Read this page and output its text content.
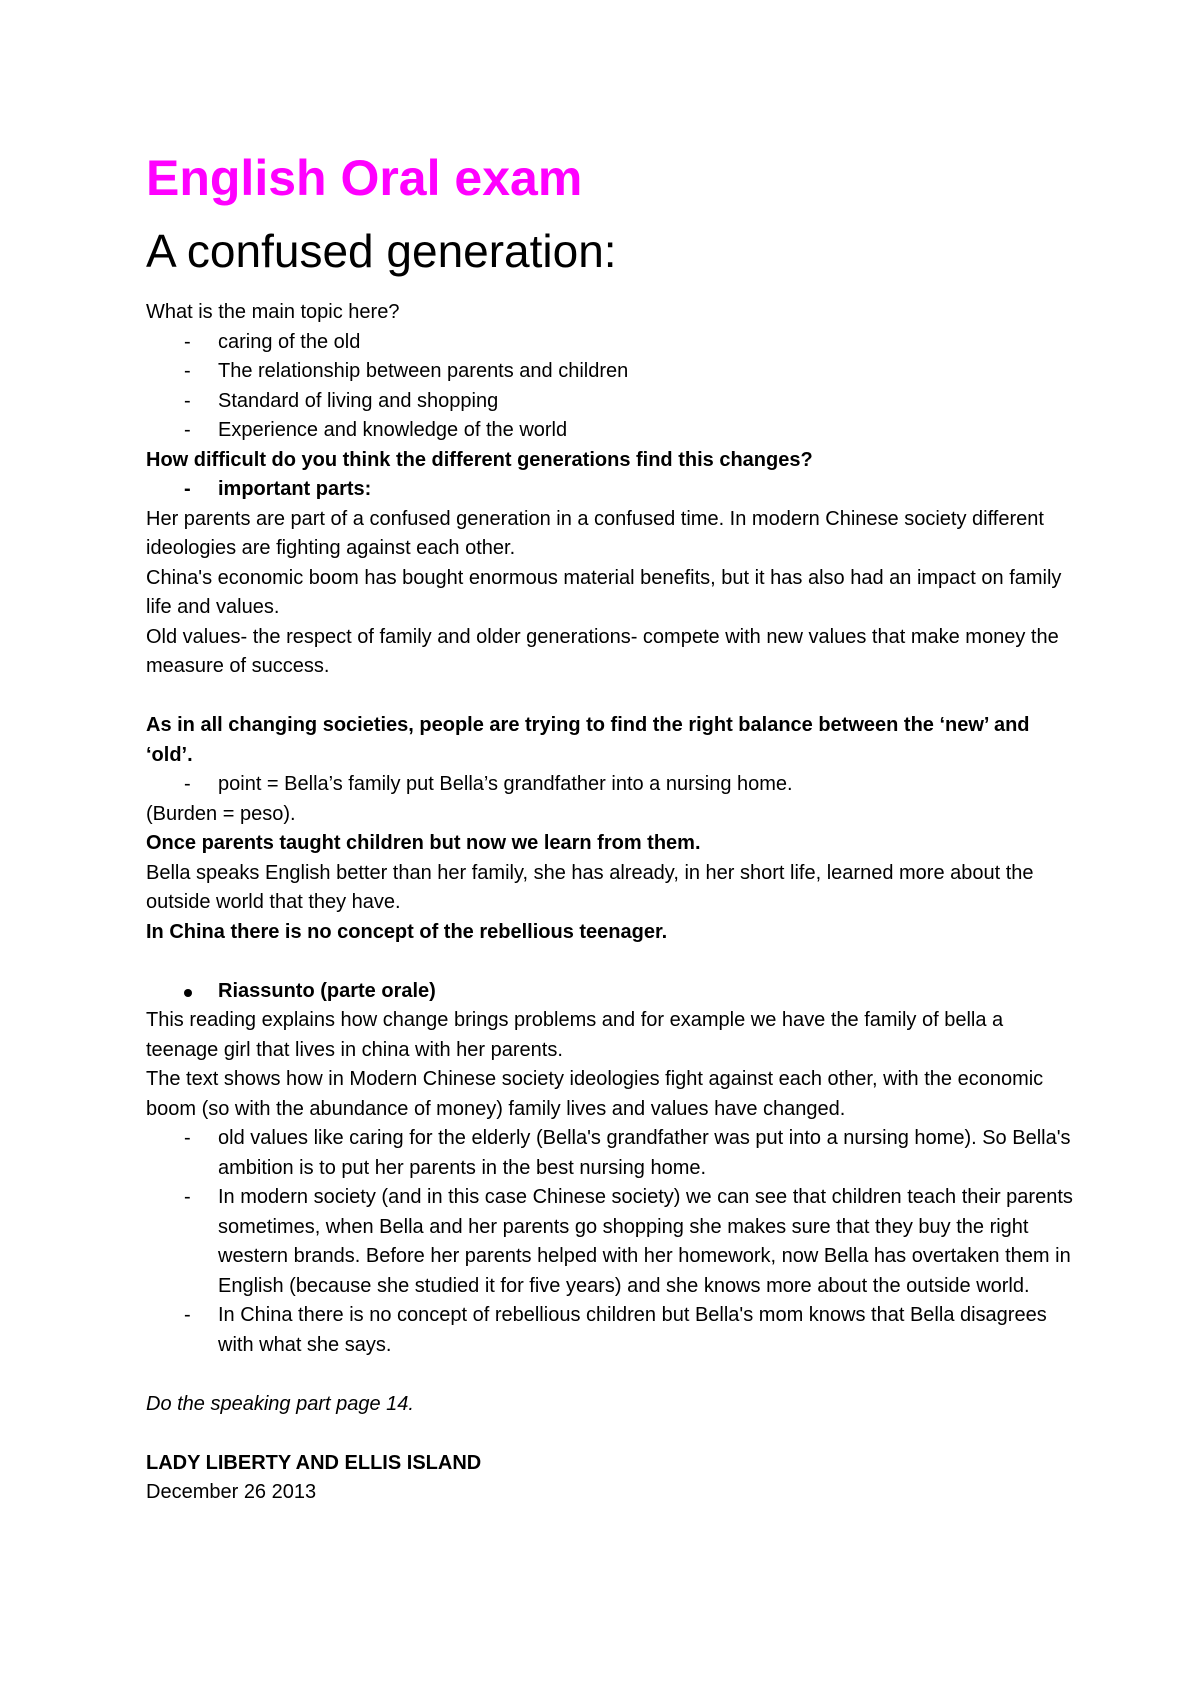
English Oral exam
A confused generation:

What is the main topic here?

- caring of the old
- The relationship between parents and children
- Standard of living and shopping
- Experience and knowledge of the world

How difficult do you think the different generations find this changes?

- important parts:

Her parents are part of a confused generation in a confused time. In modern Chinese society different ideologies are fighting against each other.

China's economic boom has bought enormous material benefits, but it has also had an impact on family life and values.

Old values- the respect of family and older generations- compete with new values that make money the measure of success.

As in all changing societies, people are trying to find the right balance between the ‘new’ and ‘old’.

- point = Bella’s family put Bella’s grandfather into a nursing home.

(Burden = peso).

Once parents taught children but now we learn from them.

Bella speaks English better than her family, she has already, in her short life, learned more about the outside world that they have.

In China there is no concept of the rebellious teenager.

Riassunto (parte orale)

This reading explains how change brings problems and for example we have the family of bella a teenage girl that lives in china with her parents.

The text shows how in Modern Chinese society ideologies fight against each other, with the economic boom (so with the abundance of money) family lives and values have changed.

- old values like caring for the elderly (Bella's grandfather was put into a nursing home). So Bella's ambition is to put her parents in the best nursing home.
- In modern society (and in this case Chinese society) we can see that children teach their parents sometimes, when Bella and her parents go shopping she makes sure that they buy the right western brands. Before her parents helped with her homework, now Bella has overtaken them in English (because she studied it for five years) and she knows more about the outside world.
- In China there is no concept of rebellious children but Bella's mom knows that Bella disagrees with what she says.

Do the speaking part page 14.

LADY LIBERTY AND ELLIS ISLAND

December 26 2013
